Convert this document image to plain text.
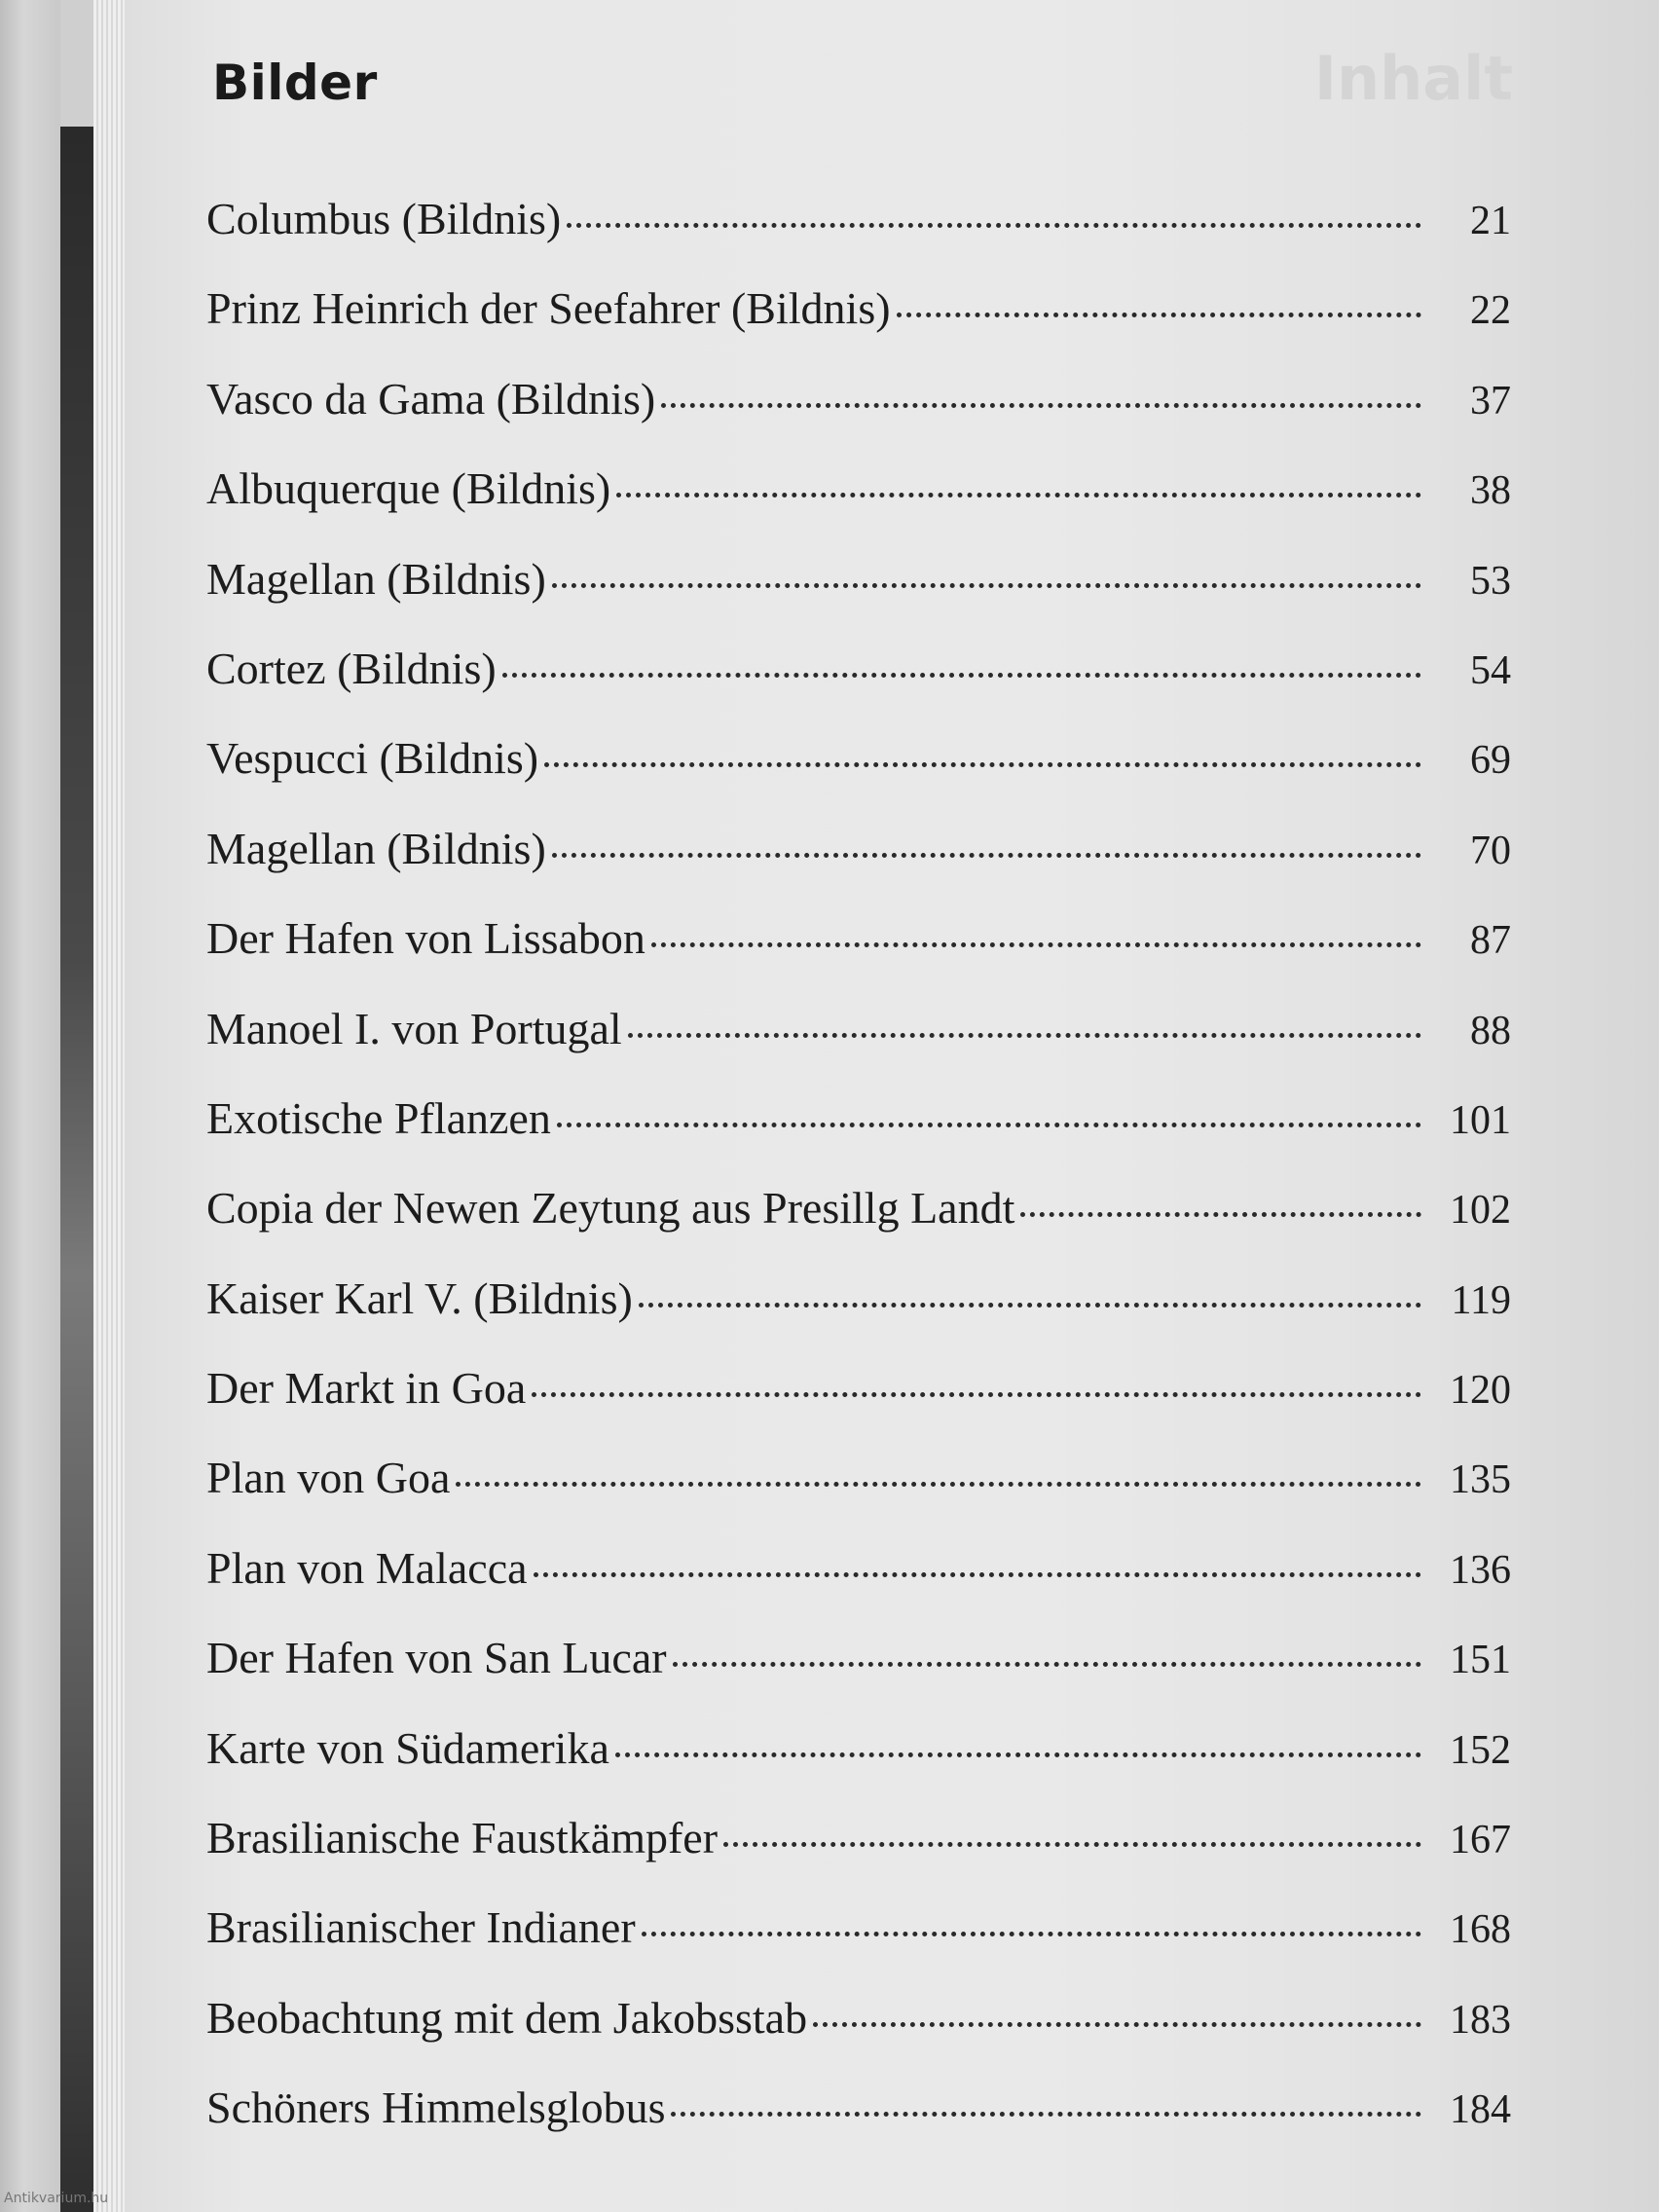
Inhalt
Bilder
Columbus (Bildnis)	21
Prinz Heinrich der Seefahrer (Bildnis)	22
Vasco da Gama (Bildnis)	37
Albuquerque (Bildnis)	38
Magellan (Bildnis)	53
Cortez (Bildnis)	54
Vespucci (Bildnis)	69
Magellan (Bildnis)	70
Der Hafen von Lissabon	87
Manoel I. von Portugal	88
Exotische Pflanzen	101
Copia der Newen Zeytung aus Presillg Landt	102
Kaiser Karl V. (Bildnis)	119
Der Markt in Goa	120
Plan von Goa	135
Plan von Malacca	136
Der Hafen von San Lucar	151
Karte von Südamerika	152
Brasilianische Faustkämpfer	167
Brasilianischer Indianer	168
Beobachtung mit dem Jakobsstab	183
Schöners Himmelsglobus	184
Antikvarium.hu
